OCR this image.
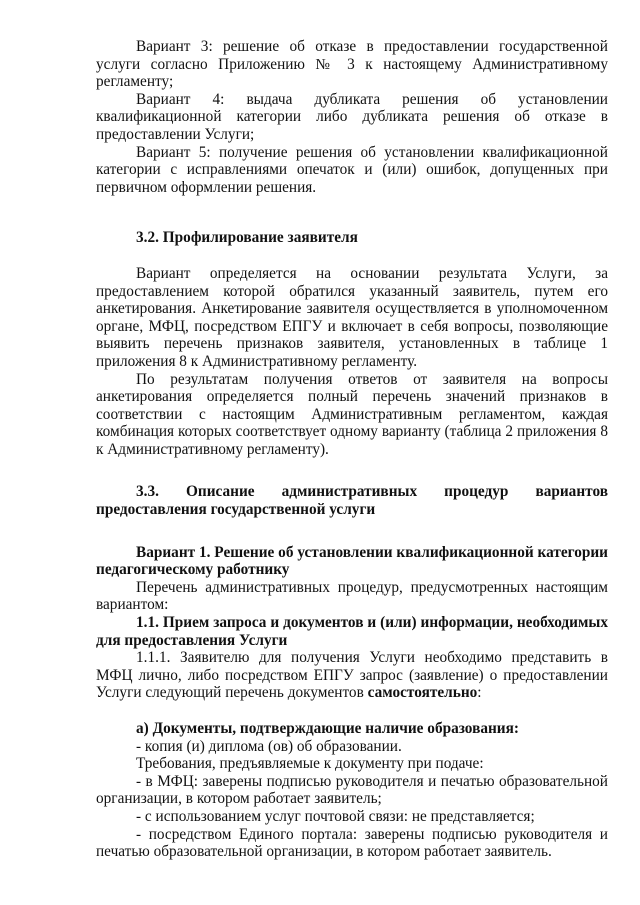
Вариант 3: решение об отказе в предоставлении государственной услуги согласно Приложению № 3 к настоящему Административному регламенту;

Вариант 4: выдача дубликата решения об установлении квалификационной категории либо дубликата решения об отказе в предоставлении Услуги;

Вариант 5: получение решения об установлении квалификационной категории с исправлениями опечаток и (или) ошибок, допущенных при первичном оформлении решения.

3.2. Профилирование заявителя

Вариант определяется на основании результата Услуги, за предоставлением которой обратился указанный заявитель, путем его анкетирования. Анкетирование заявителя осуществляется в уполномоченном органе, МФЦ, посредством ЕПГУ и включает в себя вопросы, позволяющие выявить перечень признаков заявителя, установленных в таблице 1 приложения 8 к Административному регламенту.

По результатам получения ответов от заявителя на вопросы анкетирования определяется полный перечень значений признаков в соответствии с настоящим Административным регламентом, каждая комбинация которых соответствует одному варианту (таблица 2 приложения 8 к Административному регламенту).

3.3. Описание административных процедур вариантов предоставления государственной услуги

Вариант 1. Решение об установлении квалификационной категории педагогическому работнику

Перечень административных процедур, предусмотренных настоящим вариантом:

1.1. Прием запроса и документов и (или) информации, необходимых для предоставления Услуги

1.1.1. Заявителю для получения Услуги необходимо представить в МФЦ лично, либо посредством ЕПГУ запрос (заявление) о предоставлении Услуги следующий перечень документов самостоятельно:

а) Документы, подтверждающие наличие образования:

- копия (и) диплома (ов) об образовании.

Требования, предъявляемые к документу при подаче:

- в МФЦ: заверены подписью руководителя и печатью образовательной организации, в котором работает заявитель;

- с использованием услуг почтовой связи: не представляется;

- посредством Единого портала: заверены подписью руководителя и печатью образовательной организации, в котором работает заявитель.
